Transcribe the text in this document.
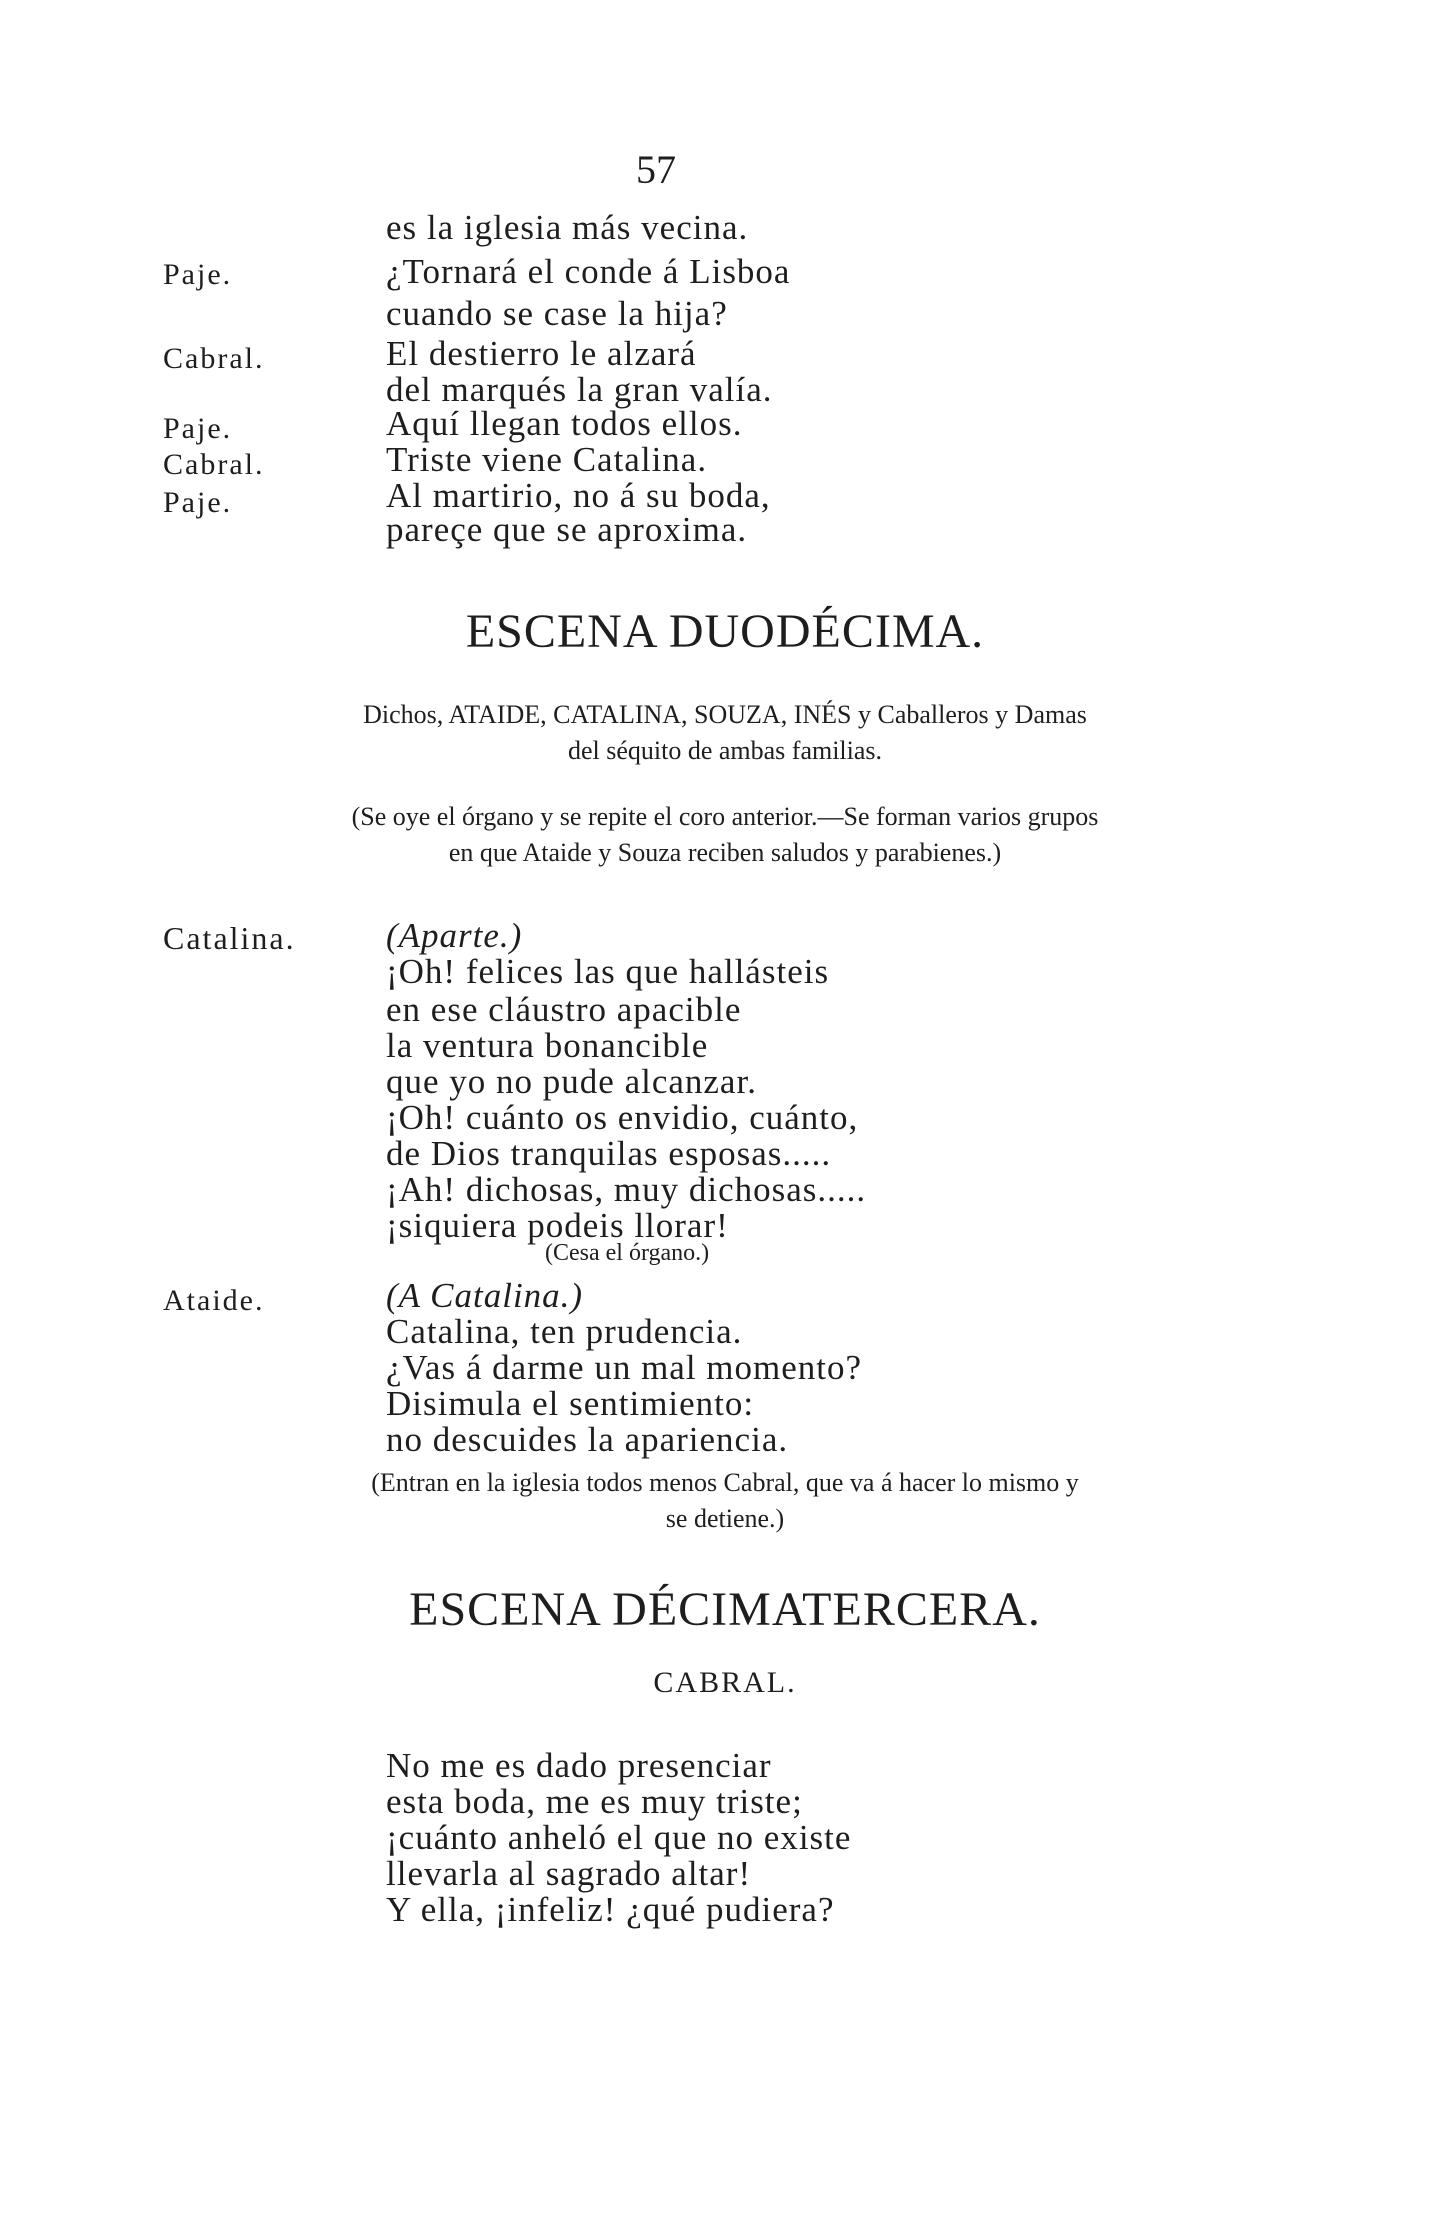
57
es la iglesia más vecina.
Paje.	¿Tornará el conde á Lisboa
cuando se case la hija?
Cabral.	El destierro le alzará
del marqués la gran valía.
Paje.	Aquí llegan todos ellos.
Cabral.	Triste viene Catalina.
Paje.	Al martirio, no á su boda,
pareçe que se aproxima.
ESCENA DUODÉCIMA.
Dichos, ATAIDE, CATALINA, SOUZA, INÉS y Caballeros y Damas
del séquito de ambas familias.
(Se oye el órgano y se repite el coro anterior.—Se forman varios grupos
en que Ataide y Souza reciben saludos y parabienes.)
Catalina.	(Aparte.)
¡Oh! felices las que hallásteis
en ese cláustro apacible
la ventura bonancible
que yo no pude alcanzar.
¡Oh! cuánto os envidio, cuánto,
de Dios tranquilas esposas.....
¡Ah! dichosas, muy dichosas.....
¡siquiera podeis llorar!
(Cesa el órgano.)
Ataide.	(A Catalina.)
Catalina, ten prudencia.
¿Vas á darme un mal momento?
Disimula el sentimiento:
no descuides la apariencia.
(Entran en la iglesia todos menos Cabral, que va á hacer lo mismo y
se detiene.)
ESCENA DÉCIMATERCERA.
CABRAL.
No me es dado presenciar
esta boda, me es muy triste;
¡cuánto anheló el que no existe
llevarla al sagrado altar!
Y ella, ¡infeliz! ¿qué pudiera?
